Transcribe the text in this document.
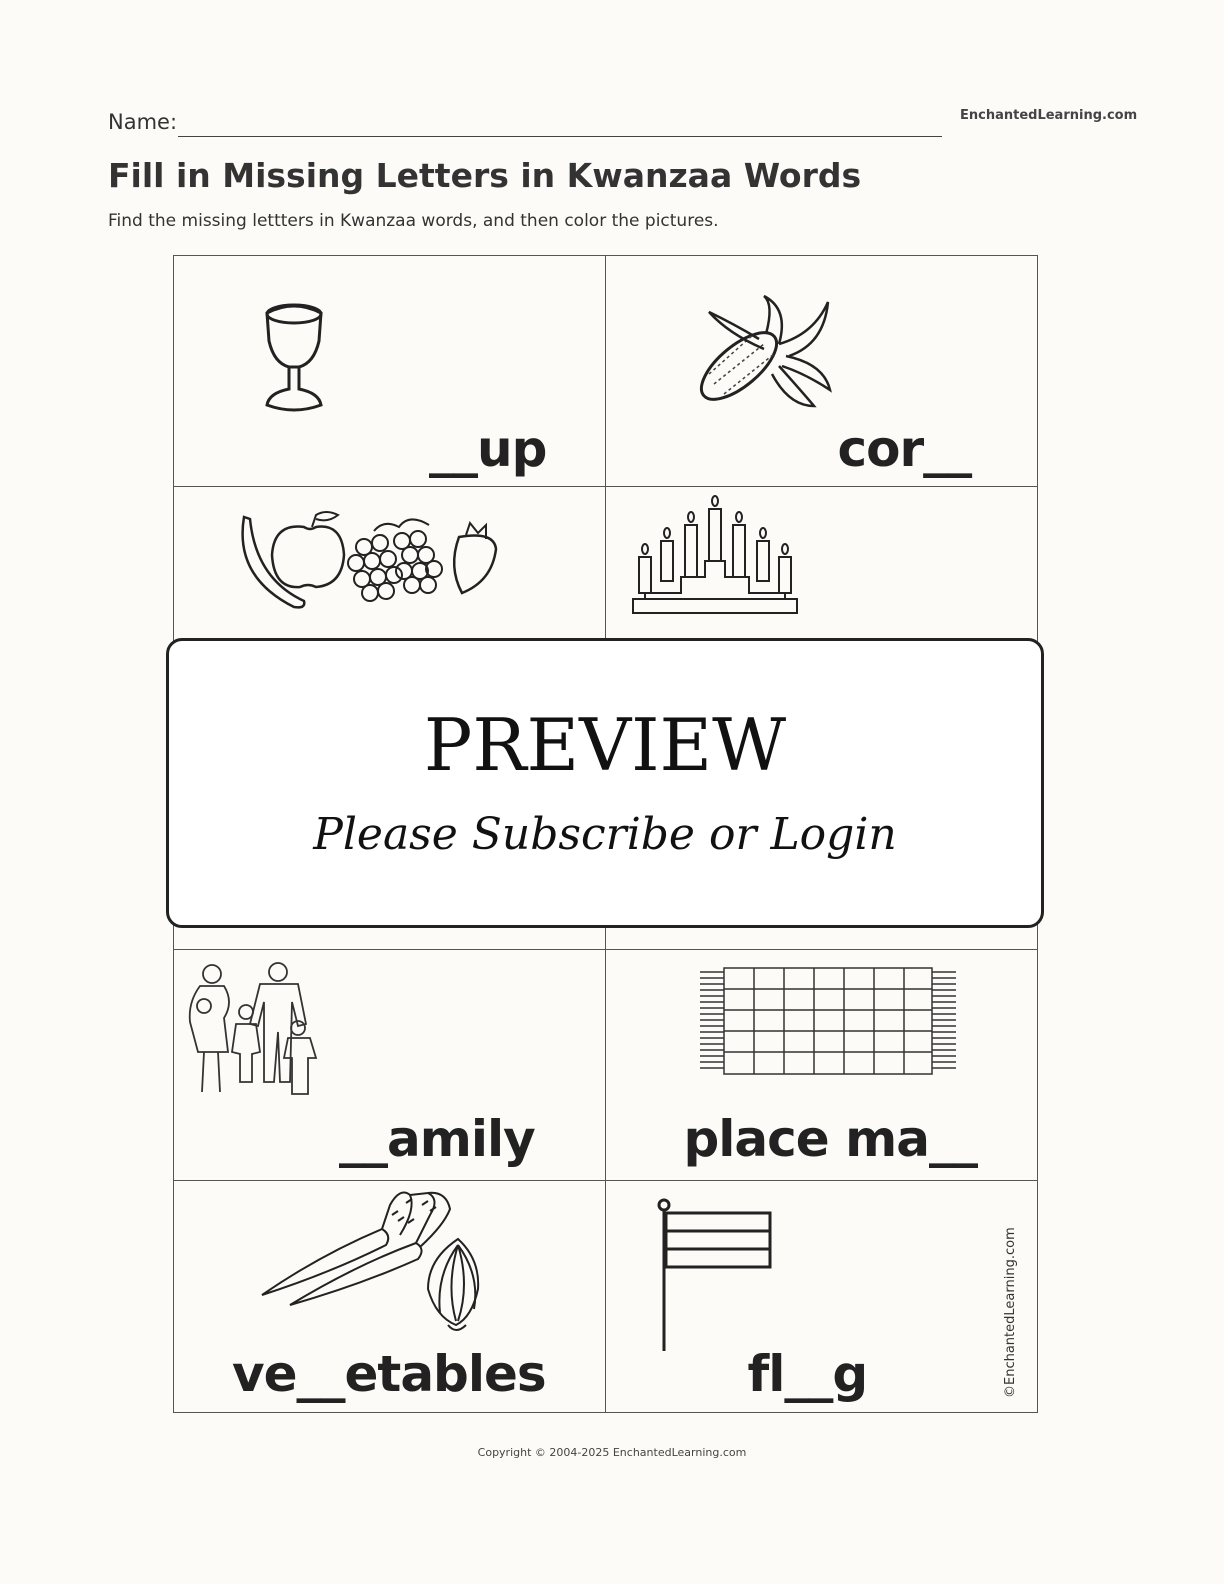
Name:	EnchantedLearning.com
Fill in Missing Letters in Kwanzaa Words
Find the missing lettters in Kwanzaa words, and then color the pictures.
__up	cor__
__amily	place ma__
ve__etables	fl__g	©EnchantedLearning.com
PREVIEW
Please Subscribe or Login
Copyright © 2004-2025 EnchantedLearning.com
